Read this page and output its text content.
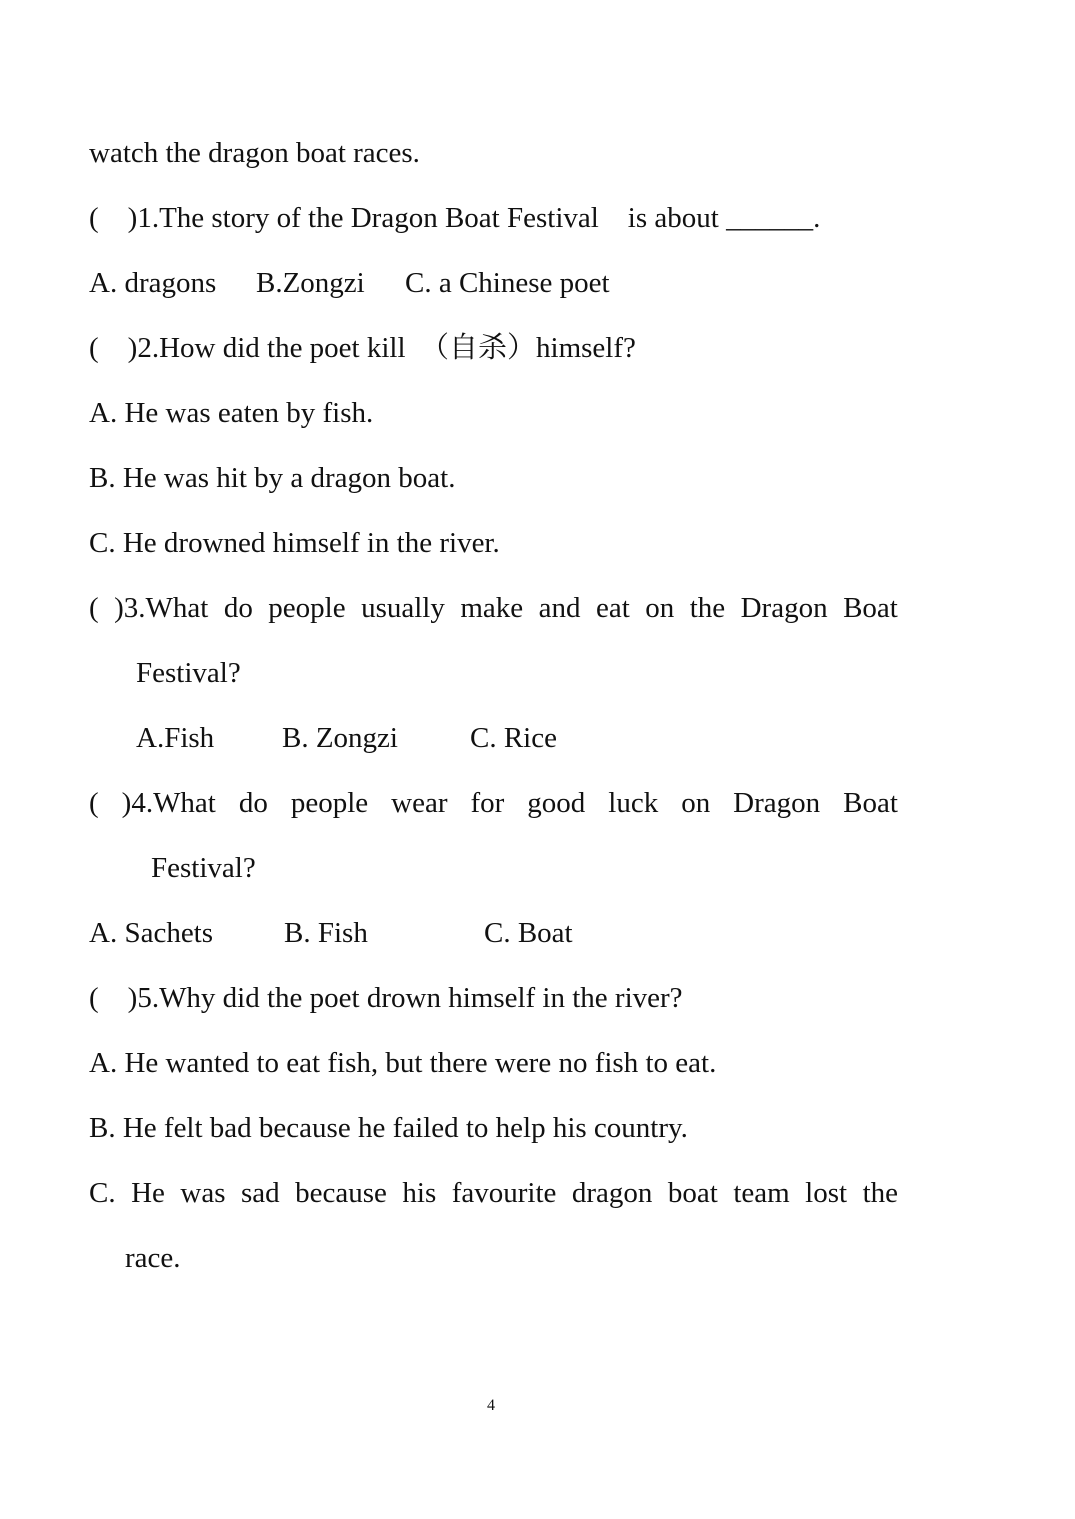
watch the dragon boat races.
(    )1.The story of the Dragon Boat Festival    is about ______.

A. dragons

B.Zongzi

C. a Chinese poet

(    )2.How did the poet kill  （自杀）himself?
A. He was eaten by fish.
B. He was hit by a dragon boat.
C. He drowned himself in the river.
( )3.What do people usually make and eat on the Dragon Boat
Festival?

A.Fish

B. Zongzi

C. Rice

( )4.What do people wear for good luck on Dragon Boat
Festival?

A. Sachets

B. Fish

	C. Boat

(    )5.Why did the poet drown himself in the river?
A. He wanted to eat fish, but there were no fish to eat.
B. He felt bad because he failed to help his country.
C. He was sad because his favourite dragon boat team lost the
race.
4
